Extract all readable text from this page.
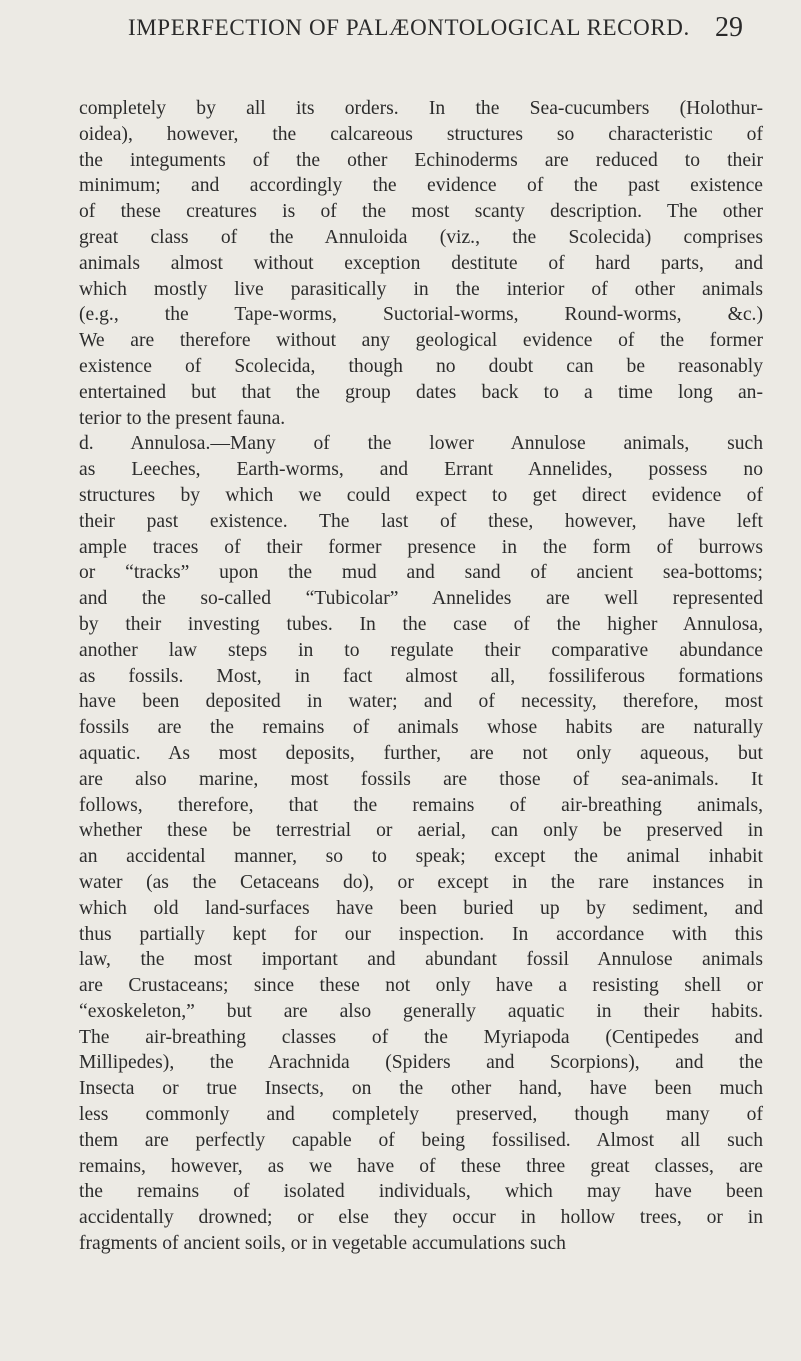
IMPERFECTION OF PALÆONTOLOGICAL RECORD. 29
completely by all its orders. In the Sea-cucumbers (Holothur-
oidea), however, the calcareous structures so characteristic of
the integuments of the other Echinoderms are reduced to their
minimum; and accordingly the evidence of the past existence
of these creatures is of the most scanty description. The other
great class of the Annuloida (viz., the Scolecida) comprises
animals almost without exception destitute of hard parts, and
which mostly live parasitically in the interior of other animals
(e.g., the Tape-worms, Suctorial-worms, Round-worms, &c.)
We are therefore without any geological evidence of the former
existence of Scolecida, though no doubt can be reasonably
entertained but that the group dates back to a time long an-
terior to the present fauna.
d. Annulosa.—Many of the lower Annulose animals, such
as Leeches, Earth-worms, and Errant Annelides, possess no
structures by which we could expect to get direct evidence of
their past existence. The last of these, however, have left
ample traces of their former presence in the form of burrows
or “tracks” upon the mud and sand of ancient sea-bottoms;
and the so-called “Tubicolar” Annelides are well represented
by their investing tubes. In the case of the higher Annulosa,
another law steps in to regulate their comparative abundance
as fossils. Most, in fact almost all, fossiliferous formations
have been deposited in water; and of necessity, therefore, most
fossils are the remains of animals whose habits are naturally
aquatic. As most deposits, further, are not only aqueous, but
are also marine, most fossils are those of sea-animals. It
follows, therefore, that the remains of air-breathing animals,
whether these be terrestrial or aerial, can only be preserved in
an accidental manner, so to speak; except the animal inhabit
water (as the Cetaceans do), or except in the rare instances in
which old land-surfaces have been buried up by sediment, and
thus partially kept for our inspection. In accordance with this
law, the most important and abundant fossil Annulose animals
are Crustaceans; since these not only have a resisting shell or
“exoskeleton,” but are also generally aquatic in their habits.
The air-breathing classes of the Myriapoda (Centipedes and
Millipedes), the Arachnida (Spiders and Scorpions), and the
Insecta or true Insects, on the other hand, have been much
less commonly and completely preserved, though many of
them are perfectly capable of being fossilised. Almost all such
remains, however, as we have of these three great classes, are
the remains of isolated individuals, which may have been
accidentally drowned; or else they occur in hollow trees, or in
fragments of ancient soils, or in vegetable accumulations such
